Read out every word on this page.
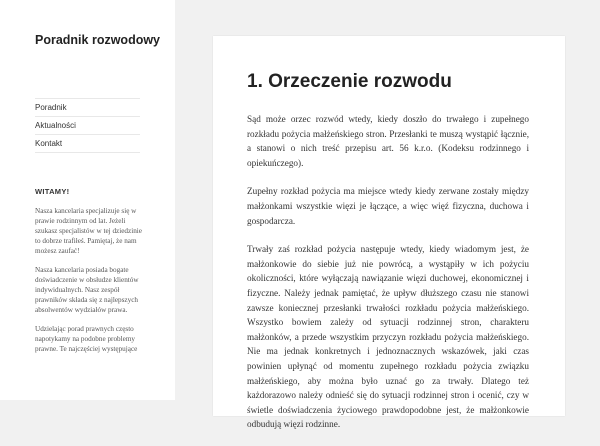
Poradnik rozwodowy
Poradnik
Aktualności
Kontakt
WITAMY!

Nasza kancelaria specjalizuje się w prawie rodzinnym od lat. Jeżeli szukasz specjalistów w tej dziedzinie to dobrze trafiłeś. Pamiętaj, że nam możesz zaufać!

Nasza kancelaria posiada bogate doświadczenie w obsłudze klientów indywidualnych. Nasz zespół prawników składa się z najlepszych absolwentów wydziałów prawa.

Udzielając porad prawnych często napotykamy na podobne problemy prawne. Te najczęściej występujące

1. Orzeczenie rozwodu

Sąd może orzec rozwód wtedy, kiedy doszło do trwałego i zupełnego rozkładu pożycia małżeńskiego stron. Przesłanki te muszą wystąpić łącznie, a stanowi o nich treść przepisu art. 56 k.r.o. (Kodeksu rodzinnego i opiekuńczego).

Zupełny rozkład pożycia ma miejsce wtedy kiedy zerwane zostały między małżonkami wszystkie więzi je łączące, a więc więź fizyczna, duchowa i gospodarcza.

Trwały zaś rozkład pożycia następuje wtedy, kiedy wiadomym jest, że małżonkowie do siebie już nie powrócą, a wystąpiły w ich pożyciu okoliczności, które wyłączają nawiązanie więzi duchowej, ekonomicznej i fizyczne. Należy jednak pamiętać, że upływ dłuższego czasu nie stanowi zawsze koniecznej przesłanki trwałości rozkładu pożycia małżeńskiego. Wszystko bowiem zależy od sytuacji rodzinnej stron, charakteru małżonków, a przede wszystkim przyczyn rozkładu pożycia małżeńskiego. Nie ma jednak konkretnych i jednoznacznych wskazówek, jaki czas powinien upłynąć od momentu zupełnego rozkładu pożycia związku małżeńskiego, aby można było uznać go za trwały. Dlatego też każdorazowo należy odnieść się do sytuacji rodzinnej stron i ocenić, czy w świetle doświadczenia życiowego prawdopodobne jest, że małżonkowie odbudują więzi rodzinne.
